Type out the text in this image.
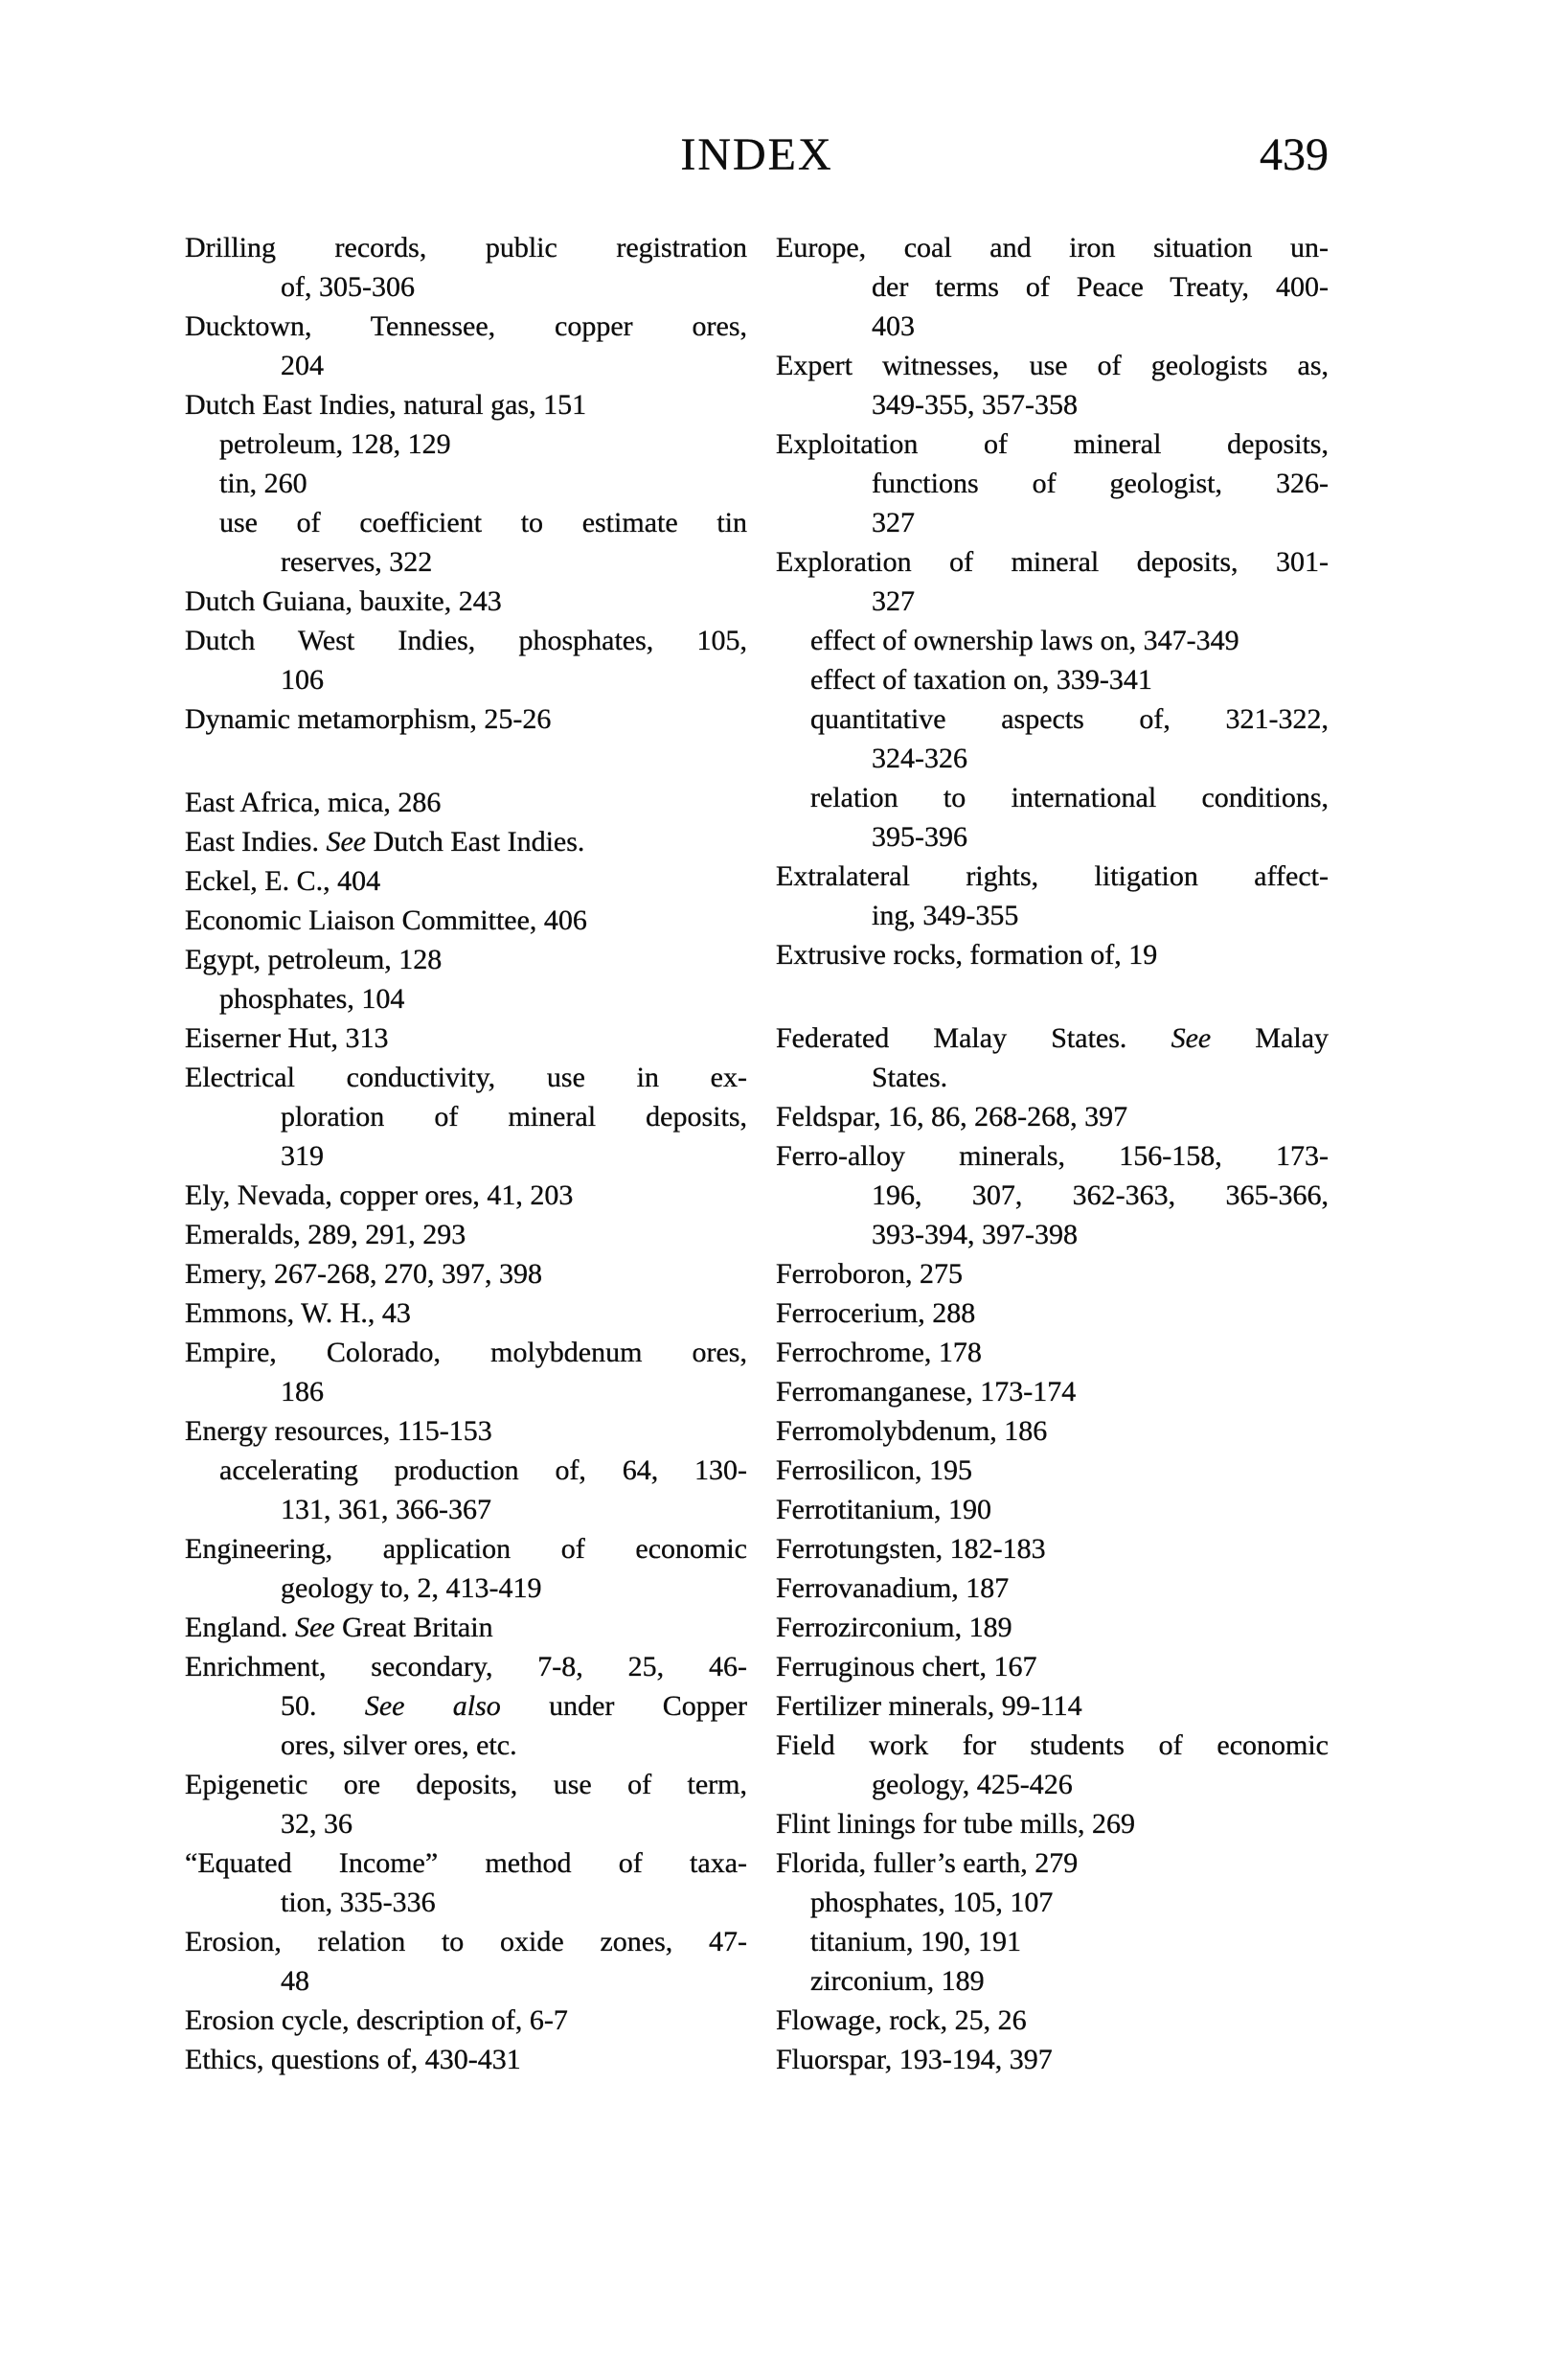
INDEX	439
Drilling records, public registration
of, 305-306
Ducktown, Tennessee, copper ores,
204
Dutch East Indies, natural gas, 151
petroleum, 128, 129
tin, 260
use of coefficient to estimate tin
reserves, 322
Dutch Guiana, bauxite, 243
Dutch West Indies, phosphates, 105,
106
Dynamic metamorphism, 25-26
East Africa, mica, 286
East Indies. See Dutch East Indies.
Eckel, E. C., 404
Economic Liaison Committee, 406
Egypt, petroleum, 128
phosphates, 104
Eiserner Hut, 313
Electrical conductivity, use in ex-
ploration of mineral deposits,
319
Ely, Nevada, copper ores, 41, 203
Emeralds, 289, 291, 293
Emery, 267-268, 270, 397, 398
Emmons, W. H., 43
Empire, Colorado, molybdenum ores,
186
Energy resources, 115-153
accelerating production of, 64, 130-
131, 361, 366-367
Engineering, application of economic
geology to, 2, 413-419
England. See Great Britain
Enrichment, secondary, 7-8, 25, 46-
50. See also under Copper
ores, silver ores, etc.
Epigenetic ore deposits, use of term,
32, 36
“Equated Income” method of taxa-
tion, 335-336
Erosion, relation to oxide zones, 47-
48
Erosion cycle, description of, 6-7
Ethics, questions of, 430-431
Europe, coal and iron situation un-
der terms of Peace Treaty, 400-
403
Expert witnesses, use of geologists as,
349-355, 357-358
Exploitation of mineral deposits,
functions of geologist, 326-
327
Exploration of mineral deposits, 301-
327
effect of ownership laws on, 347-349
effect of taxation on, 339-341
quantitative aspects of, 321-322,
324-326
relation to international conditions,
395-396
Extralateral rights, litigation affect-
ing, 349-355
Extrusive rocks, formation of, 19
Federated Malay States. See Malay
States.
Feldspar, 16, 86, 268-268, 397
Ferro-alloy minerals, 156-158, 173-
196, 307, 362-363, 365-366,
393-394, 397-398
Ferroboron, 275
Ferrocerium, 288
Ferrochrome, 178
Ferromanganese, 173-174
Ferromolybdenum, 186
Ferrosilicon, 195
Ferrotitanium, 190
Ferrotungsten, 182-183
Ferrovanadium, 187
Ferrozirconium, 189
Ferruginous chert, 167
Fertilizer minerals, 99-114
Field work for students of economic
geology, 425-426
Flint linings for tube mills, 269
Florida, fuller’s earth, 279
phosphates, 105, 107
titanium, 190, 191
zirconium, 189
Flowage, rock, 25, 26
Fluorspar, 193-194, 397
